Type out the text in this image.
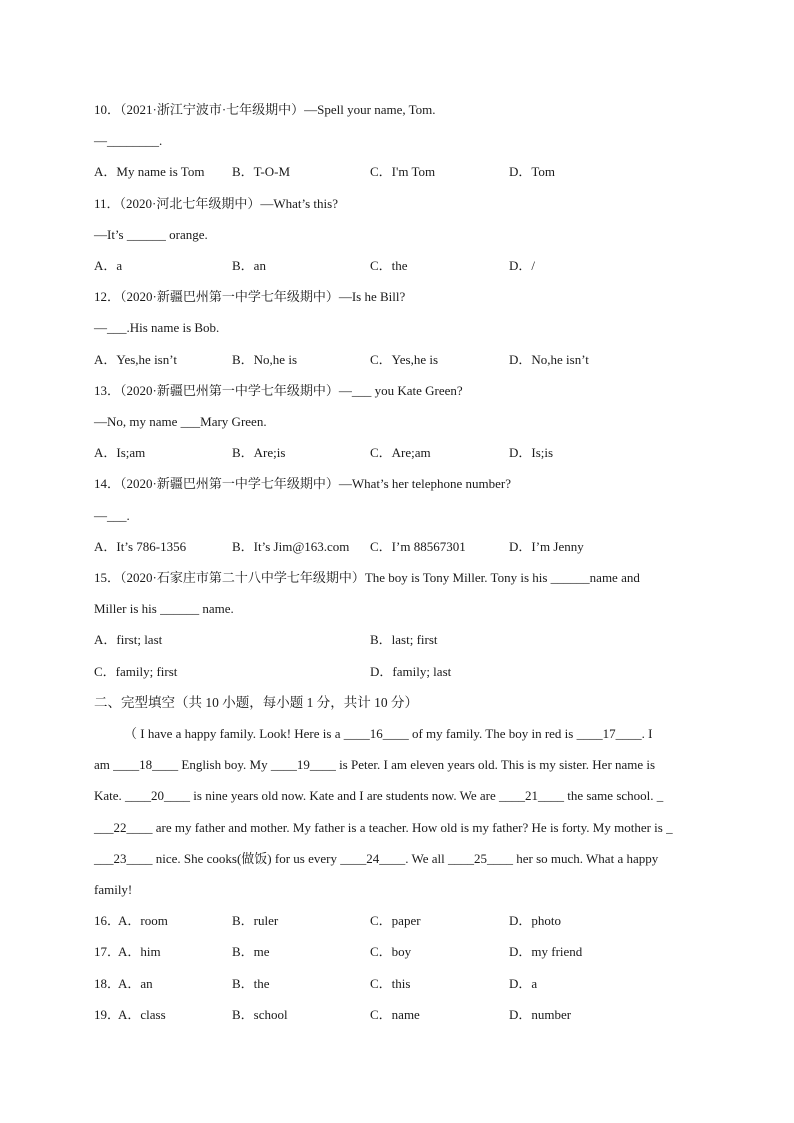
10．（2021·浙江宁波市·七年级期中）—Spell your name, Tom.
—________.
A．My name is Tom B．T-O-M	C．I'm Tom	D．Tom
11．（2020·河北七年级期中）—What’s this?
—It’s ______ orange.
A．a	B．an	C．the	D．/
12．（2020·新疆巴州第一中学七年级期中）—Is he Bill?
—___.His name is Bob.
A．Yes,he isn’t	B．No,he is	C．Yes,he is	D．No,he isn’t
13．（2020·新疆巴州第一中学七年级期中）—___ you Kate Green?
—No, my name ___Mary Green.
A．Is;am	B．Are;is	C．Are;am	D．Is;is
14．（2020·新疆巴州第一中学七年级期中）—What’s her telephone number?
—___.
A．It’s 786-1356	B．It’s Jim@163.com C．I’m 88567301	D．I’m Jenny
15．（2020·石家庄市第二十八中学七年级期中）The boy is Tony Miller. Tony is his ______name and
Miller is his ______ name.
A．first; last	B．last; first
C．family; first	D．family; last
二、完型填空（共 10 小题，每小题 1 分，共计 10 分）
（ I have a happy family. Look! Here is a ____16____ of my family. The boy in red is ____17____. I
am ____18____ English boy. My ____19____ is Peter. I am eleven years old. This is my sister. Her name is
Kate. ____20____ is nine years old now. Kate and I are students now. We are ____21____ the same school. _
___22____ are my father and mother. My father is a teacher. How old is my father? He is forty. My mother is _
___23____ nice. She cooks(做饭) for us every ____24____. We all ____25____ her so much. What a happy
family!
16．
A．room	B．ruler	C．paper	D．photo
17．
A．him	B．me	C．boy	D．my friend
18．
A．an	B．the	C．this	D．a
19．
A．class	B．school	C．name	D．number
